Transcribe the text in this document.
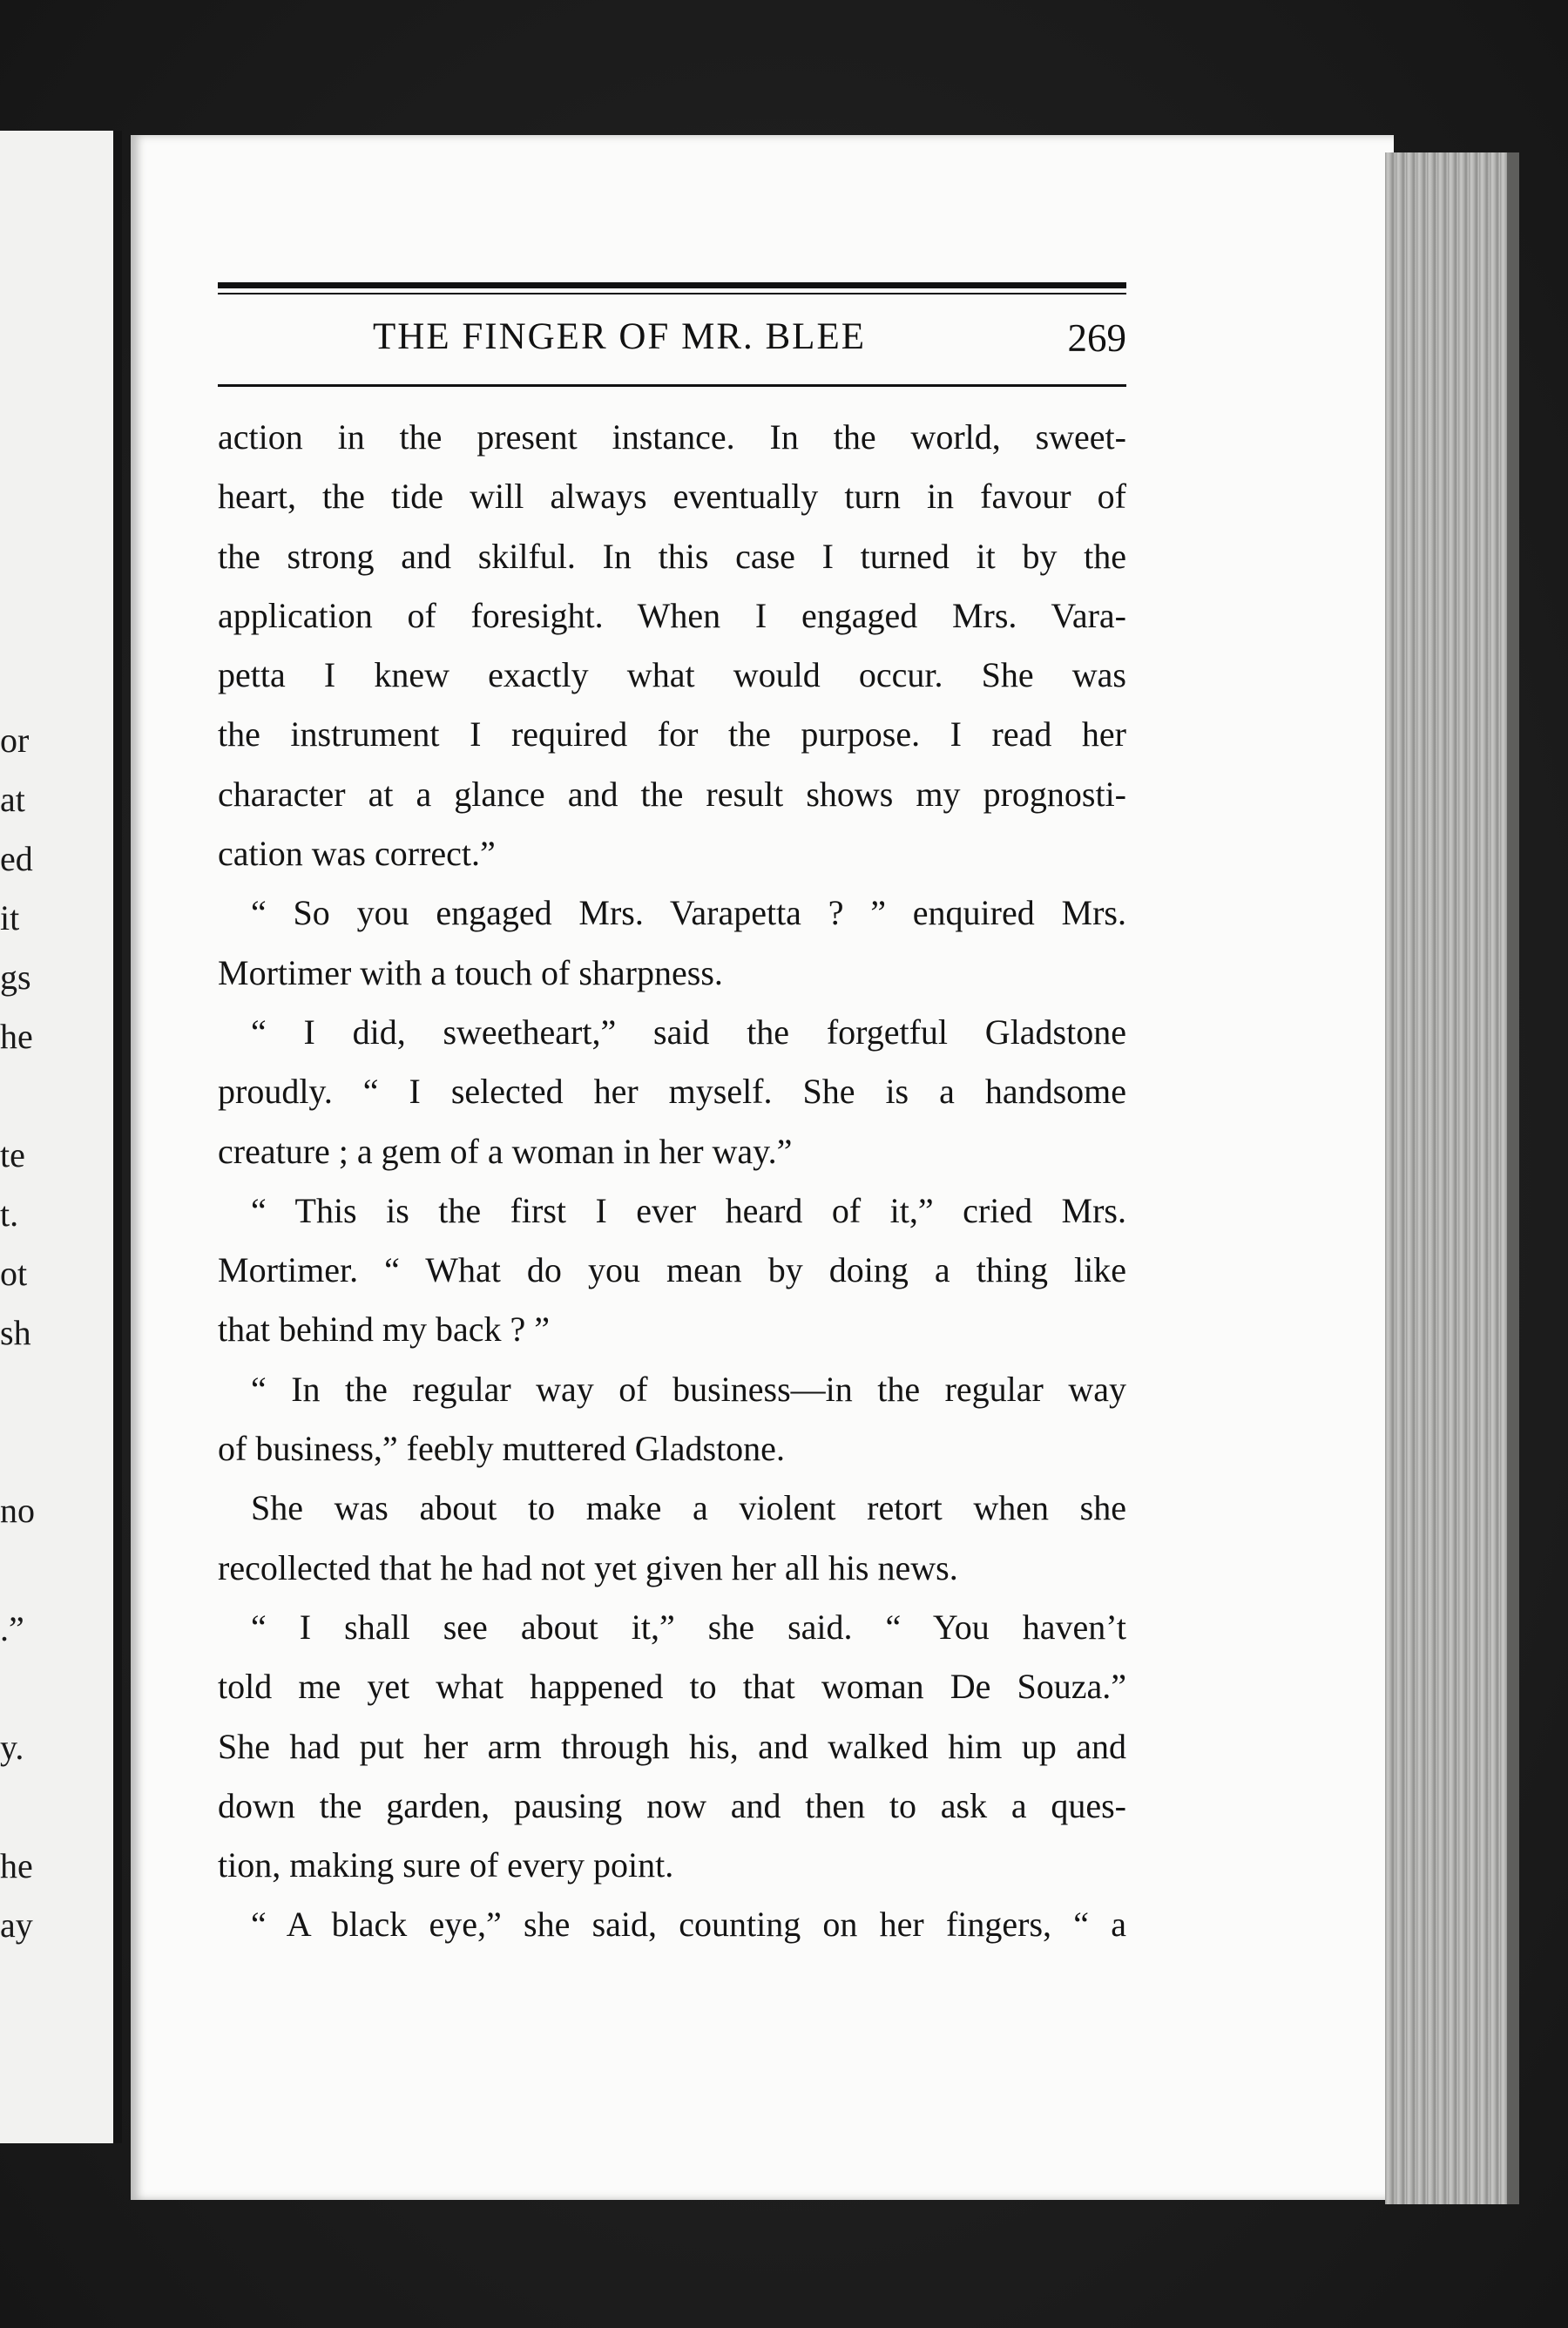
or
at
ed
it
gs
he
te
t.
ot
sh
no
.”
y.
he
ay
THE FINGER OF MR. BLEE	269
action in the present instance. In the world, sweet-
heart, the tide will always eventually turn in favour of
the strong and skilful. In this case I turned it by the
application of foresight. When I engaged Mrs. Vara-
petta I knew exactly what would occur. She was
the instrument I required for the purpose. I read her
character at a glance and the result shows my prognosti-
cation was correct.”
“ So you engaged Mrs. Varapetta ? ” enquired Mrs.
Mortimer with a touch of sharpness.
“ I did, sweetheart,” said the forgetful Gladstone
proudly. “ I selected her myself. She is a handsome
creature ; a gem of a woman in her way.”
“ This is the first I ever heard of it,” cried Mrs.
Mortimer. “ What do you mean by doing a thing like
that behind my back ? ”
“ In the regular way of business—in the regular way
of business,” feebly muttered Gladstone.
She was about to make a violent retort when she
recollected that he had not yet given her all his news.
“ I shall see about it,” she said. “ You haven’t
told me yet what happened to that woman De Souza.”
She had put her arm through his, and walked him up and
down the garden, pausing now and then to ask a ques-
tion, making sure of every point.
“ A black eye,” she said, counting on her fingers, “ a
